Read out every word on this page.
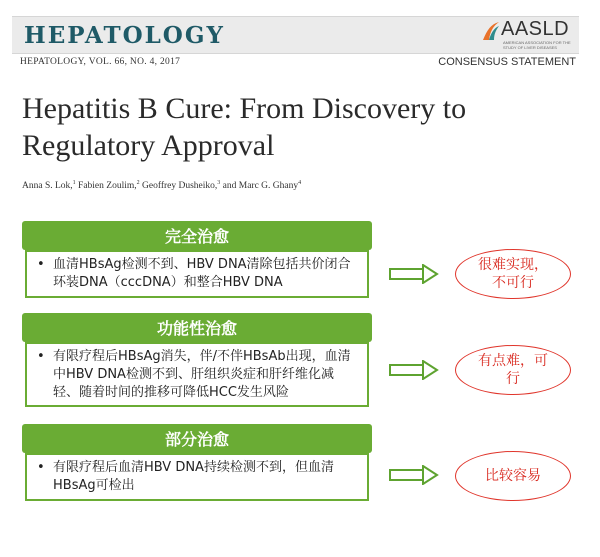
HEPATOLOGY	AASLD
AMERICAN ASSOCIATION FOR THE STUDY OF LIVER DISEASES
HEPATOLOGY, VOL. 66, NO. 4, 2017	CONSENSUS STATEMENT
Hepatitis B Cure: From Discovery to Regulatory Approval
Anna S. Lok,$^1$ Fabien Zoulim,$^2$ Geoffrey Dusheiko,$^3$ and Marc G. Ghany$^4$
完全治愈
• 血清HBsAg检测不到、HBV DNA清除包括共价闭合环装DNA（cccDNA）和整合HBV DNA
很难实现，不可行
功能性治愈
• 有限疗程后HBsAg消失，伴/不伴HBsAb出现，血清中HBV DNA检测不到、肝组织炎症和肝纤维化减轻、随着时间的推移可降低HCC发生风险
有点难，可行
部分治愈
• 有限疗程后血清HBV DNA持续检测不到，但血清HBsAg可检出
比较容易
